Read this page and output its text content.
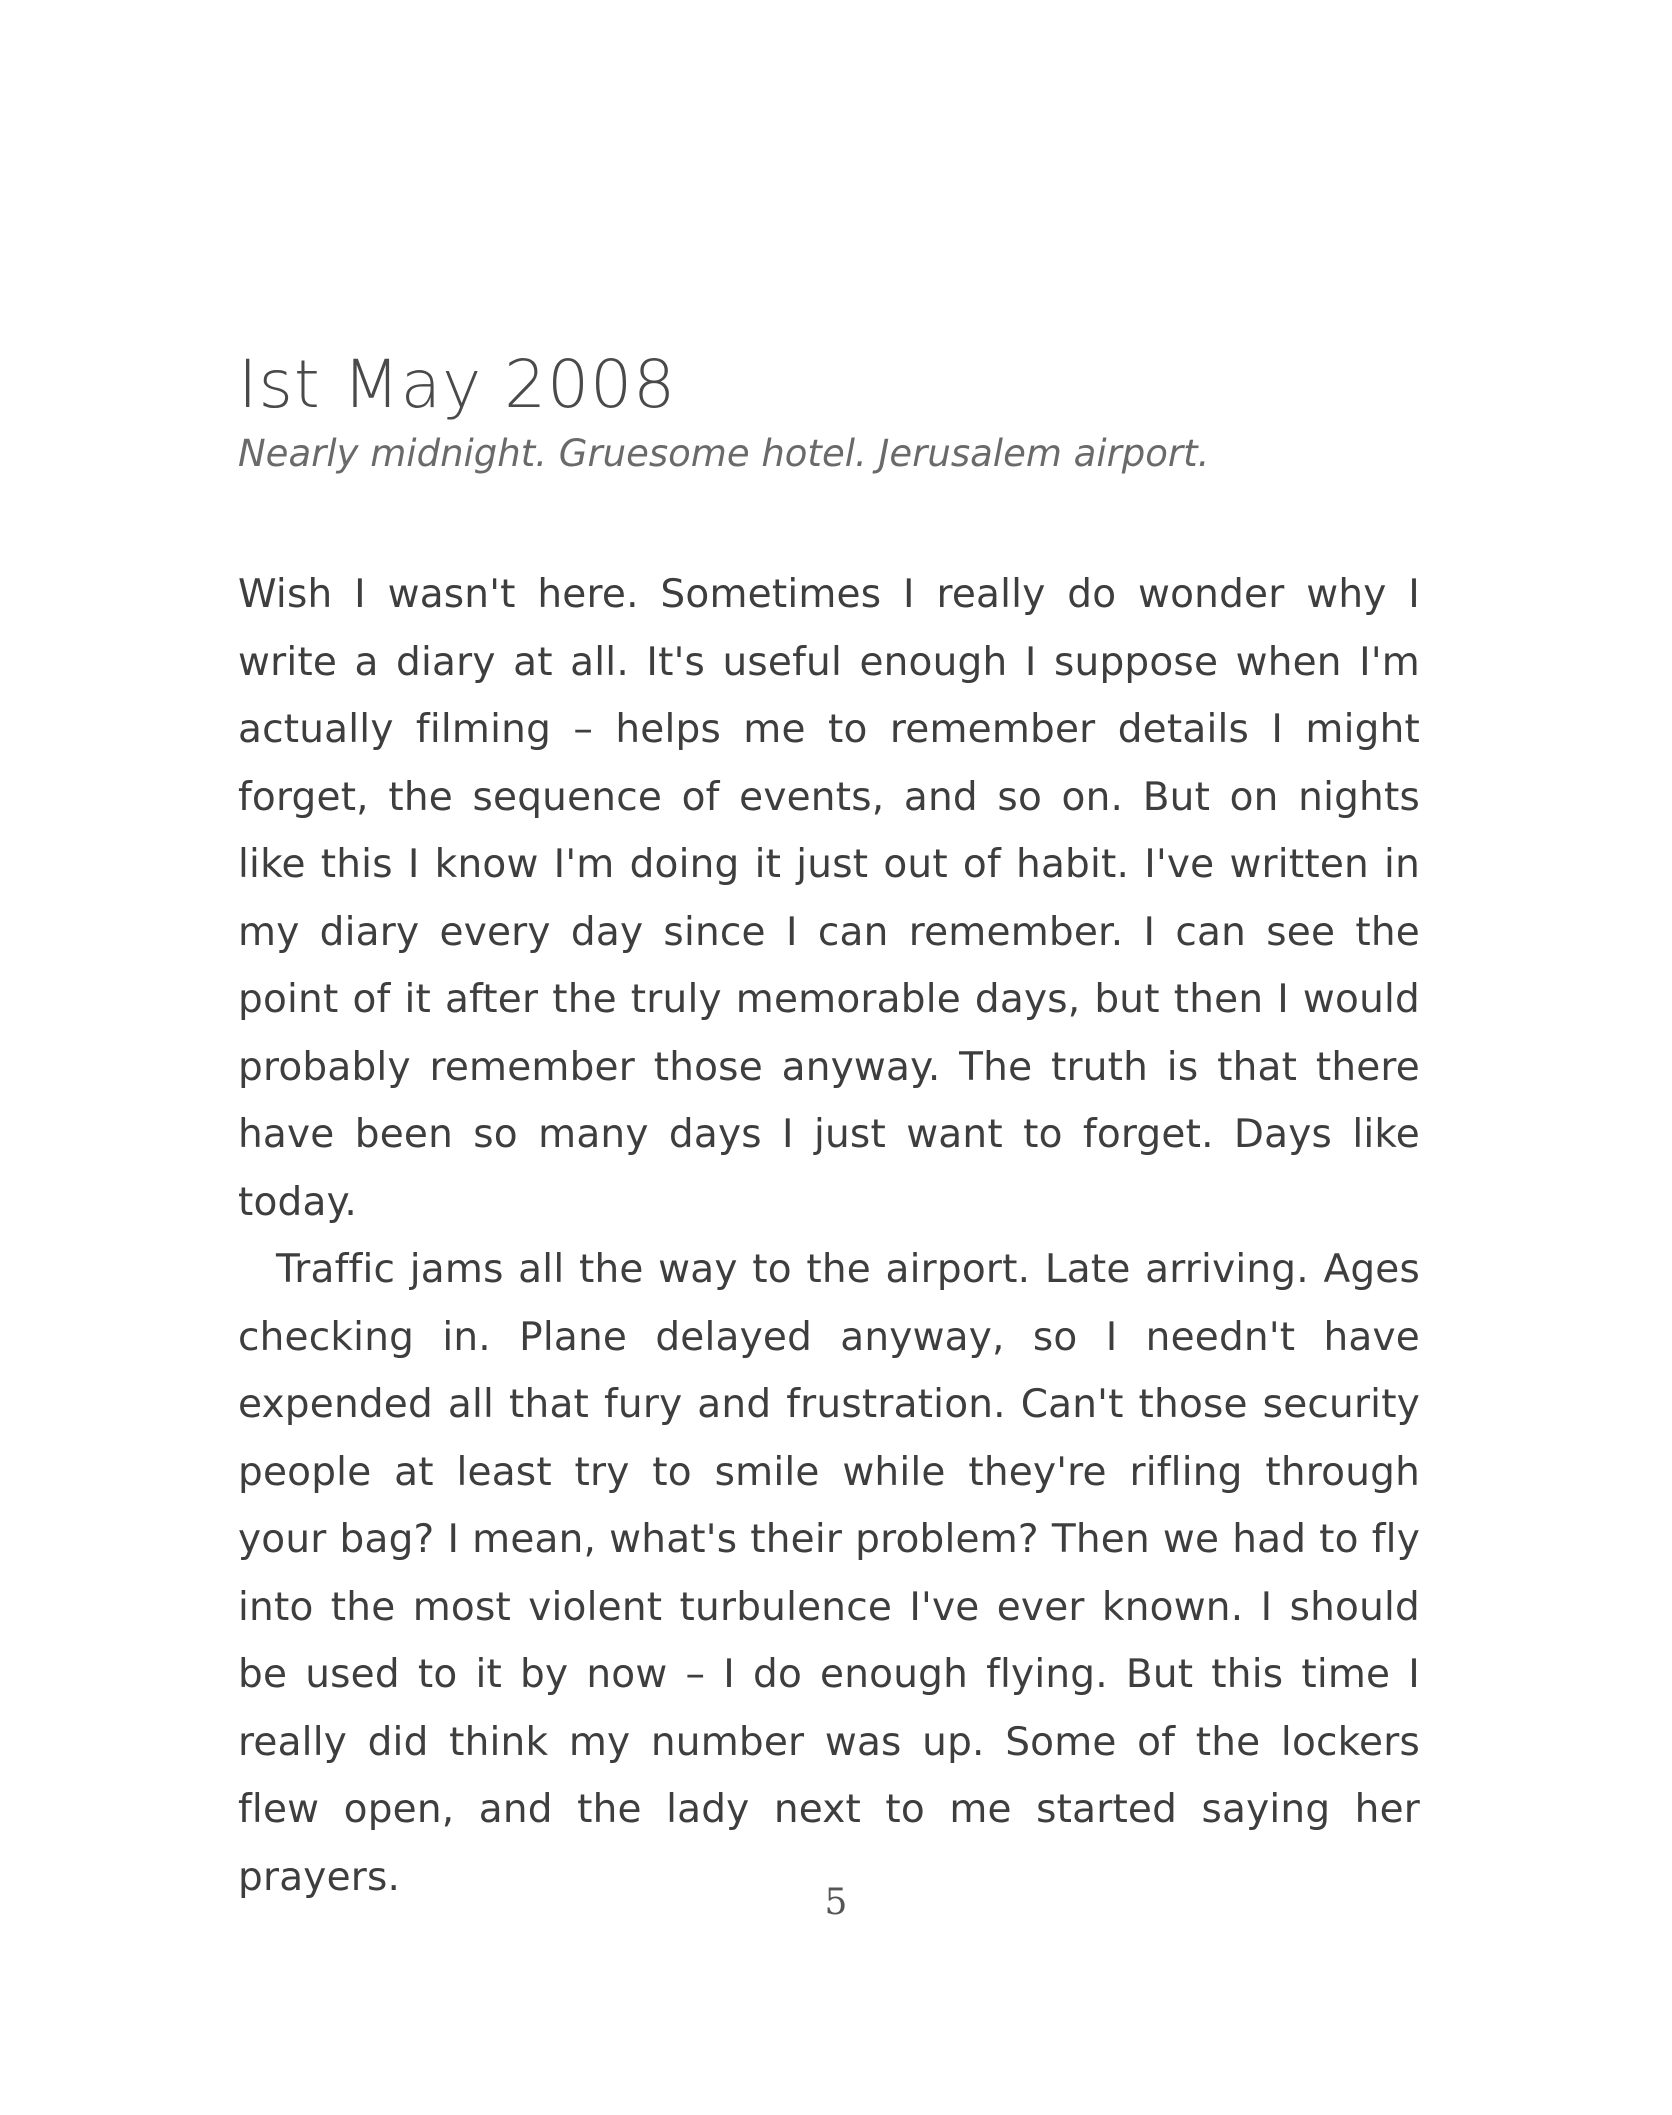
Ist May 2008

Nearly midnight. Gruesome hotel. Jerusalem airport.

Wish I wasn't here. Sometimes I really do wonder why I write a diary at all. It's useful enough I suppose when I'm actually filming – helps me to remember details I might forget, the sequence of events, and so on. But on nights like this I know I'm doing it just out of habit. I've written in my diary every day since I can remember. I can see the point of it after the truly memorable days, but then I would probably remember those anyway. The truth is that there have been so many days I just want to forget. Days like today.

Traffic jams all the way to the airport. Late arriving. Ages checking in. Plane delayed anyway, so I needn't have expended all that fury and frustration. Can't those security people at least try to smile while they're rifling through your bag? I mean, what's their problem? Then we had to fly into the most violent turbulence I've ever known. I should be used to it by now – I do enough flying. But this time I really did think my number was up. Some of the lockers flew open, and the lady next to me started saying her prayers.

5
